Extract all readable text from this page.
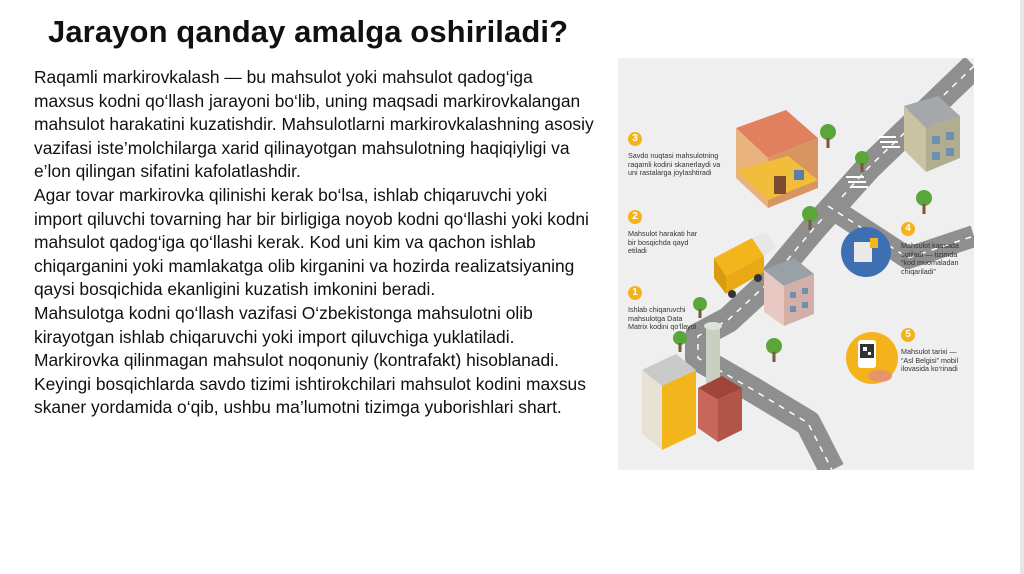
Jarayon qanday amalga oshiriladi?

Raqamli markirovkalash — bu mahsulot yoki mahsulot qadog‘iga maxsus kodni qo‘llash jarayoni bo‘lib, uning maqsadi markirovkalangan mahsulot harakatini kuzatishdir. Mahsulotlarni markirovkalashning asosiy vazifasi iste’molchilarga xarid qilinayotgan mahsulotning haqiqiyligi va e’lon qilingan sifatini kafolatlashdir.

Agar tovar markirovka qilinishi kerak bo‘lsa, ishlab chiqaruvchi yoki import qiluvchi tovarning har bir birligiga noyob kodni qo‘llashi yoki kodni mahsulot qadog‘iga qo‘llashi kerak. Kod uni kim va qachon ishlab chiqarganini yoki mamlakatga olib kirganini va hozirda realizatsiyaning qaysi bosqichida ekanligini kuzatish imkonini beradi.

Mahsulotga kodni qo‘llash vazifasi O‘zbekistonga mahsulotni olib kirayotgan ishlab chiqaruvchi yoki import qiluvchiga yuklatiladi. Markirovka qilinmagan mahsulot noqonuniy (kontrafakt) hisoblanadi. Keyingi bosqichlarda savdo tizimi ishtirokchilari mahsulot kodini maxsus skaner yordamida o‘qib, ushbu ma’lumotni tizimga yuborishlari shart.

3
Savdo nuqtasi mahsulotning raqamli kodini skanerlaydi va uni rastalarga joylashtiradi
2
Mahsulot harakati har bir bosqichda qayd etiladi
1
Ishlab chiqaruvchi mahsulotga Data Matrix kodini qo‘llaydi
4
Mahsulot kassada sotiladi — tizimda “kod muomaladan chiqariladi”
5
Mahsulot tarixi — “Asl Belgisi” mobil ilovasida ko‘rinadi
